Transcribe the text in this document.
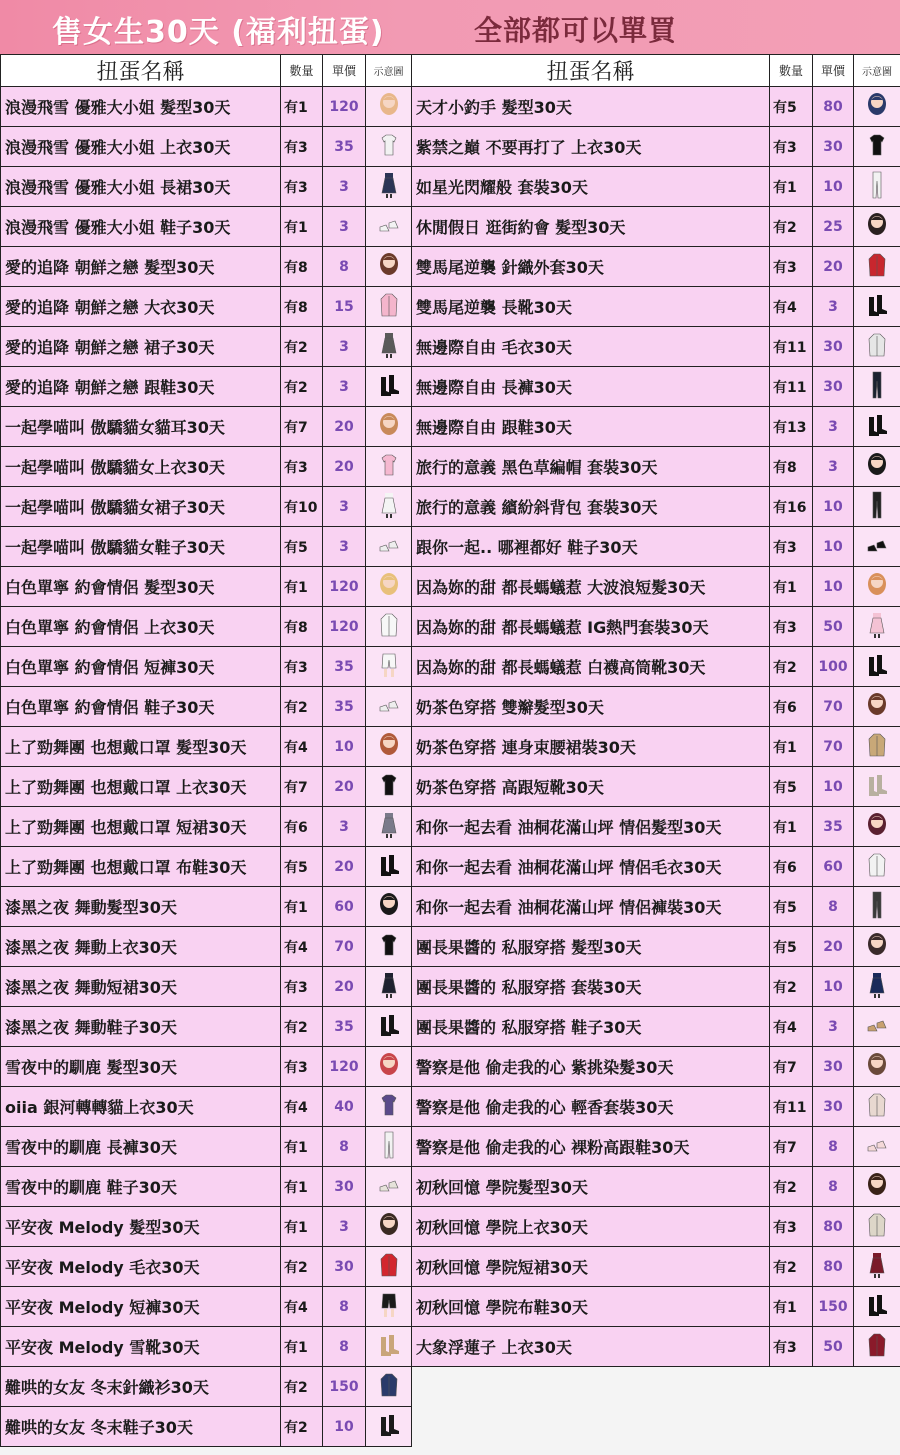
售女生30天 (福利扭蛋)	全部都可以單買
扭蛋名稱	數量	單價	示意圖
浪漫飛雪 優雅大小姐 髮型30天	有1	120	
浪漫飛雪 優雅大小姐 上衣30天	有3	35	
浪漫飛雪 優雅大小姐 長裙30天	有3	3	
浪漫飛雪 優雅大小姐 鞋子30天	有1	3	
愛的追降 朝鮮之戀 髮型30天	有8	8	
愛的追降 朝鮮之戀 大衣30天	有8	15	
愛的追降 朝鮮之戀 裙子30天	有2	3	
愛的追降 朝鮮之戀 跟鞋30天	有2	3	
一起學喵叫 傲驕貓女貓耳30天	有7	20	
一起學喵叫 傲驕貓女上衣30天	有3	20	
一起學喵叫 傲驕貓女裙子30天	有10	3	
一起學喵叫 傲驕貓女鞋子30天	有5	3	
白色單寧 約會情侶 髮型30天	有1	120	
白色單寧 約會情侶 上衣30天	有8	120	
白色單寧 約會情侶 短褲30天	有3	35	
白色單寧 約會情侶 鞋子30天	有2	35	
上了勁舞團 也想戴口罩 髮型30天	有4	10	
上了勁舞團 也想戴口罩 上衣30天	有7	20	
上了勁舞團 也想戴口罩 短裙30天	有6	3	
上了勁舞團 也想戴口罩 布鞋30天	有5	20	
漆黑之夜 舞動髮型30天	有1	60	
漆黑之夜 舞動上衣30天	有4	70	
漆黑之夜 舞動短裙30天	有3	20	
漆黑之夜 舞動鞋子30天	有2	35	
雪夜中的馴鹿 髮型30天	有3	120	
oiia 銀河轉轉貓上衣30天	有4	40	
雪夜中的馴鹿 長褲30天	有1	8	
雪夜中的馴鹿 鞋子30天	有1	30	
平安夜 Melody 髮型30天	有1	3	
平安夜 Melody 毛衣30天	有2	30	
平安夜 Melody 短褲30天	有4	8	
平安夜 Melody 雪靴30天	有1	8	
難哄的女友 冬末針織衫30天	有2	150	
難哄的女友 冬末鞋子30天	有2	10	
扭蛋名稱	數量	單價	示意圖
天才小釣手 髮型30天	有5	80	
紫禁之巔 不要再打了 上衣30天	有3	30	
如星光閃耀般 套裝30天	有1	10	
休閒假日 逛街約會 髮型30天	有2	25	
雙馬尾逆襲 針織外套30天	有3	20	
雙馬尾逆襲 長靴30天	有4	3	
無邊際自由 毛衣30天	有11	30	
無邊際自由 長褲30天	有11	30	
無邊際自由 跟鞋30天	有13	3	
旅行的意義 黑色草編帽 套裝30天	有8	3	
旅行的意義 繽紛斜背包 套裝30天	有16	10	
跟你一起.. 哪裡都好 鞋子30天	有3	10	
因為妳的甜 都長螞蟻惹 大波浪短髮30天	有1	10	
因為妳的甜 都長螞蟻惹 IG熱門套裝30天	有3	50	
因為妳的甜 都長螞蟻惹 白襪高筒靴30天	有2	100	
奶茶色穿搭 雙辮髮型30天	有6	70	
奶茶色穿搭 連身束腰裙裝30天	有1	70	
奶茶色穿搭 高跟短靴30天	有5	10	
和你一起去看 油桐花滿山坪 情侶髮型30天	有1	35	
和你一起去看 油桐花滿山坪 情侶毛衣30天	有6	60	
和你一起去看 油桐花滿山坪 情侶褲裝30天	有5	8	
團長果醬的 私服穿搭 髮型30天	有5	20	
團長果醬的 私服穿搭 套裝30天	有2	10	
團長果醬的 私服穿搭 鞋子30天	有4	3	
警察是他 偷走我的心 紫挑染髮30天	有7	30	
警察是他 偷走我的心 輕香套裝30天	有11	30	
警察是他 偷走我的心 裸粉高跟鞋30天	有7	8	
初秋回憶 學院髮型30天	有2	8	
初秋回憶 學院上衣30天	有3	80	
初秋回憶 學院短裙30天	有2	80	
初秋回憶 學院布鞋30天	有1	150	
大象浮蓮子 上衣30天	有3	50	
